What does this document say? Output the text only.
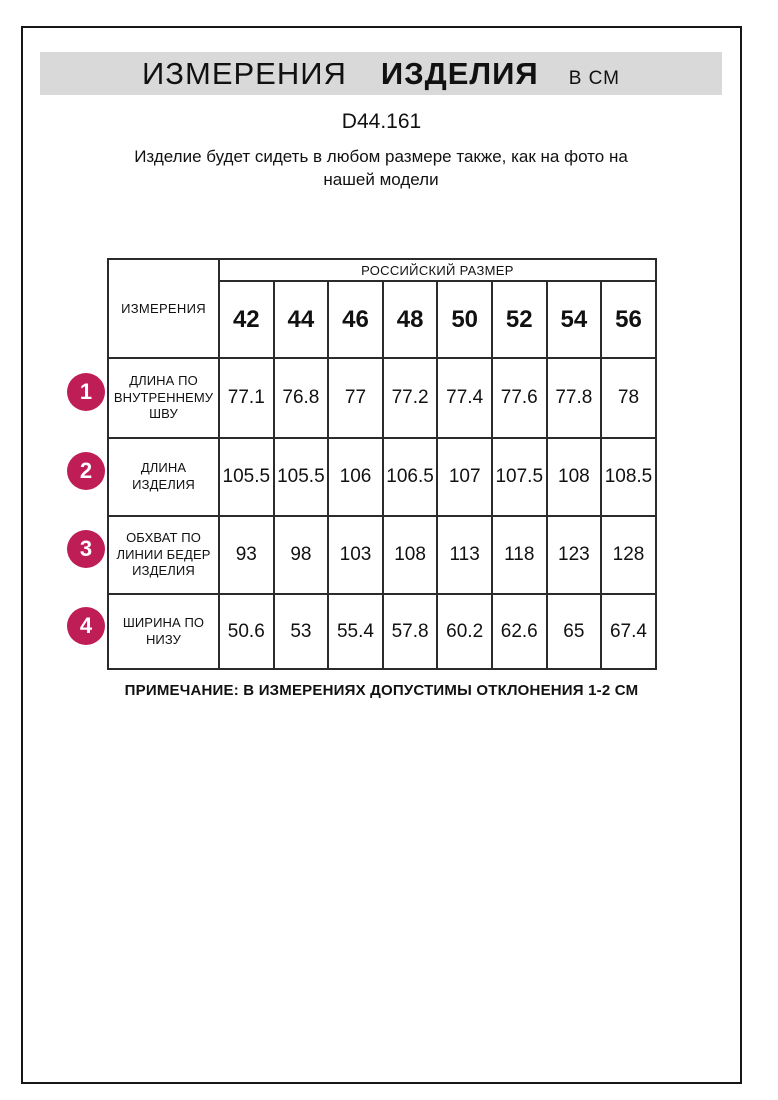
ИЗМЕРЕНИЯ ИЗДЕЛИЯ В СМ
D44.161
Изделие будет сидеть в любом размере также, как на фото на нашей модели
ИЗМЕРЕНИЯ	РОССИЙСКИЙ РАЗМЕР							
	42	44	46	48	50	52	54	56
ДЛИНА ПО ВНУТРЕННЕМУ ШВУ	77.1	76.8	77	77.2	77.4	77.6	77.8	78
ДЛИНА ИЗДЕЛИЯ	105.5	105.5	106	106.5	107	107.5	108	108.5
ОБХВАТ ПО ЛИНИИ БЕДЕР ИЗДЕЛИЯ	93	98	103	108	113	118	123	128
ШИРИНА ПО НИЗУ	50.6	53	55.4	57.8	60.2	62.6	65	67.4
1
2
3
4
ПРИМЕЧАНИЕ: В ИЗМЕРЕНИЯХ ДОПУСТИМЫ ОТКЛОНЕНИЯ 1-2 СМ
